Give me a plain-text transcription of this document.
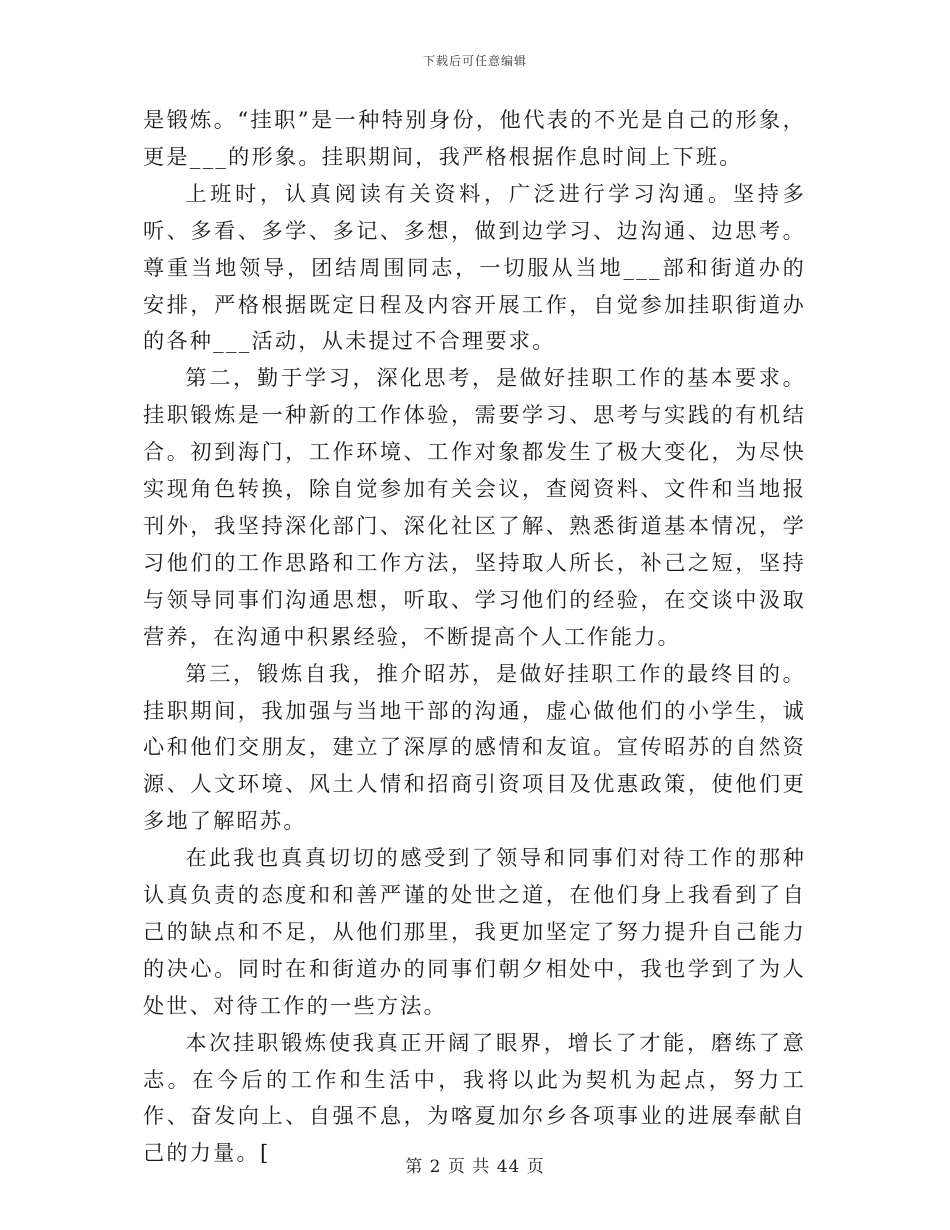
下载后可任意编辑

是锻炼。“挂职”是一种特别身份，他代表的不光是自己的形象，更是___的形象。挂职期间，我严格根据作息时间上下班。

上班时，认真阅读有关资料，广泛进行学习沟通。坚持多听、多看、多学、多记、多想，做到边学习、边沟通、边思考。尊重当地领导，团结周围同志，一切服从当地___部和街道办的安排，严格根据既定日程及内容开展工作，自觉参加挂职街道办的各种___活动，从未提过不合理要求。

第二，勤于学习，深化思考，是做好挂职工作的基本要求。挂职锻炼是一种新的工作体验，需要学习、思考与实践的有机结合。初到海门，工作环境、工作对象都发生了极大变化，为尽快实现角色转换，除自觉参加有关会议，查阅资料、文件和当地报刊外，我坚持深化部门、深化社区了解、熟悉街道基本情况，学习他们的工作思路和工作方法，坚持取人所长，补己之短，坚持与领导同事们沟通思想，听取、学习他们的经验，在交谈中汲取营养，在沟通中积累经验，不断提高个人工作能力。

第三，锻炼自我，推介昭苏，是做好挂职工作的最终目的。挂职期间，我加强与当地干部的沟通，虚心做他们的小学生，诚心和他们交朋友，建立了深厚的感情和友谊。宣传昭苏的自然资源、人文环境、风土人情和招商引资项目及优惠政策，使他们更多地了解昭苏。

在此我也真真切切的感受到了领导和同事们对待工作的那种认真负责的态度和和善严谨的处世之道，在他们身上我看到了自己的缺点和不足，从他们那里，我更加坚定了努力提升自己能力的决心。同时在和街道办的同事们朝夕相处中，我也学到了为人处世、对待工作的一些方法。

本次挂职锻炼使我真正开阔了眼界，增长了才能，磨练了意志。在今后的工作和生活中，我将以此为契机为起点，努力工作、奋发向上、自强不息，为喀夏加尔乡各项事业的进展奉献自己的力量。[

第 2 页 共 44 页
